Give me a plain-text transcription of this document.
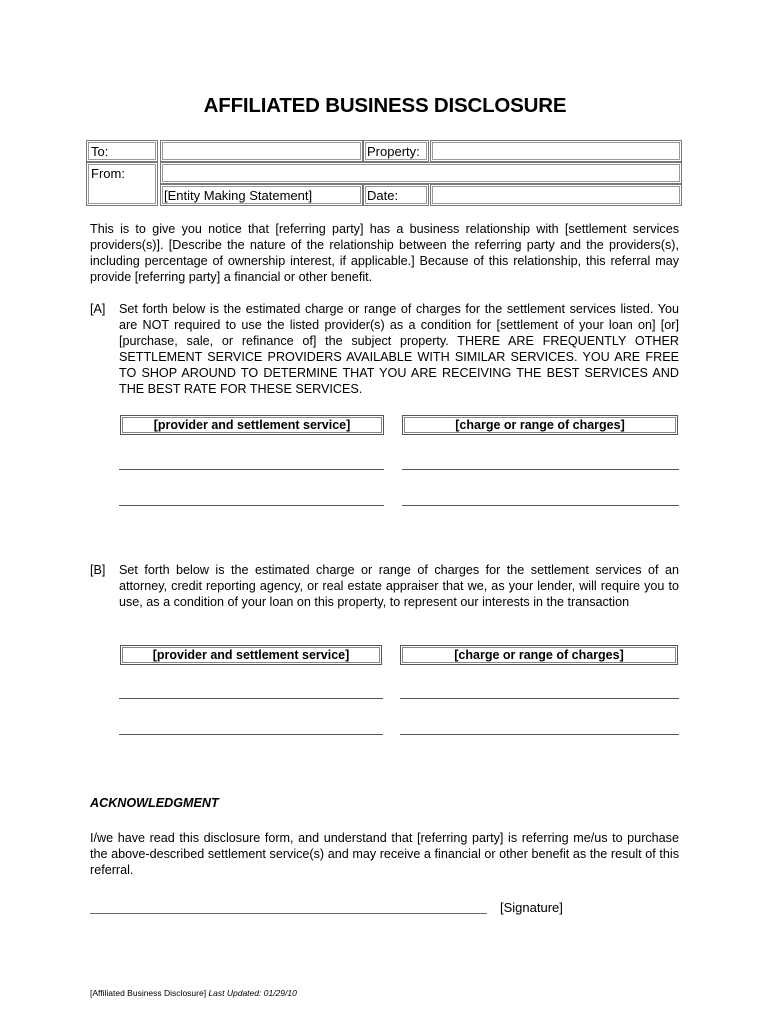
AFFILIATED BUSINESS DISCLOSURE
To:	Property:
From:
[Entity Making Statement]	Date:
This is to give you notice that [referring party] has a business relationship with [settlement services providers(s)]. [Describe the nature of the relationship between the referring party and the providers(s), including percentage of ownership interest, if applicable.] Because of this relationship, this referral may provide [referring party] a financial or other benefit.
[A] Set forth below is the estimated charge or range of charges for the settlement services listed. You are NOT required to use the listed provider(s) as a condition for [settlement of your loan on] [or] [purchase, sale, or refinance of] the subject property. THERE ARE FREQUENTLY OTHER SETTLEMENT SERVICE PROVIDERS AVAILABLE WITH SIMILAR SERVICES. YOU ARE FREE TO SHOP AROUND TO DETERMINE THAT YOU ARE RECEIVING THE BEST SERVICES AND THE BEST RATE FOR THESE SERVICES.
[provider and settlement service]	[charge or range of charges]
[B] Set forth below is the estimated charge or range of charges for the settlement services of an attorney, credit reporting agency, or real estate appraiser that we, as your lender, will require you to use, as a condition of your loan on this property, to represent our interests in the transaction
[provider and settlement service]	[charge or range of charges]
ACKNOWLEDGMENT
I/we have read this disclosure form, and understand that [referring party] is referring me/us to purchase the above-described settlement service(s) and may receive a financial or other benefit as the result of this referral.
[Signature]
[Affiliated Business Disclosure] Last Updated: 01/29/10
